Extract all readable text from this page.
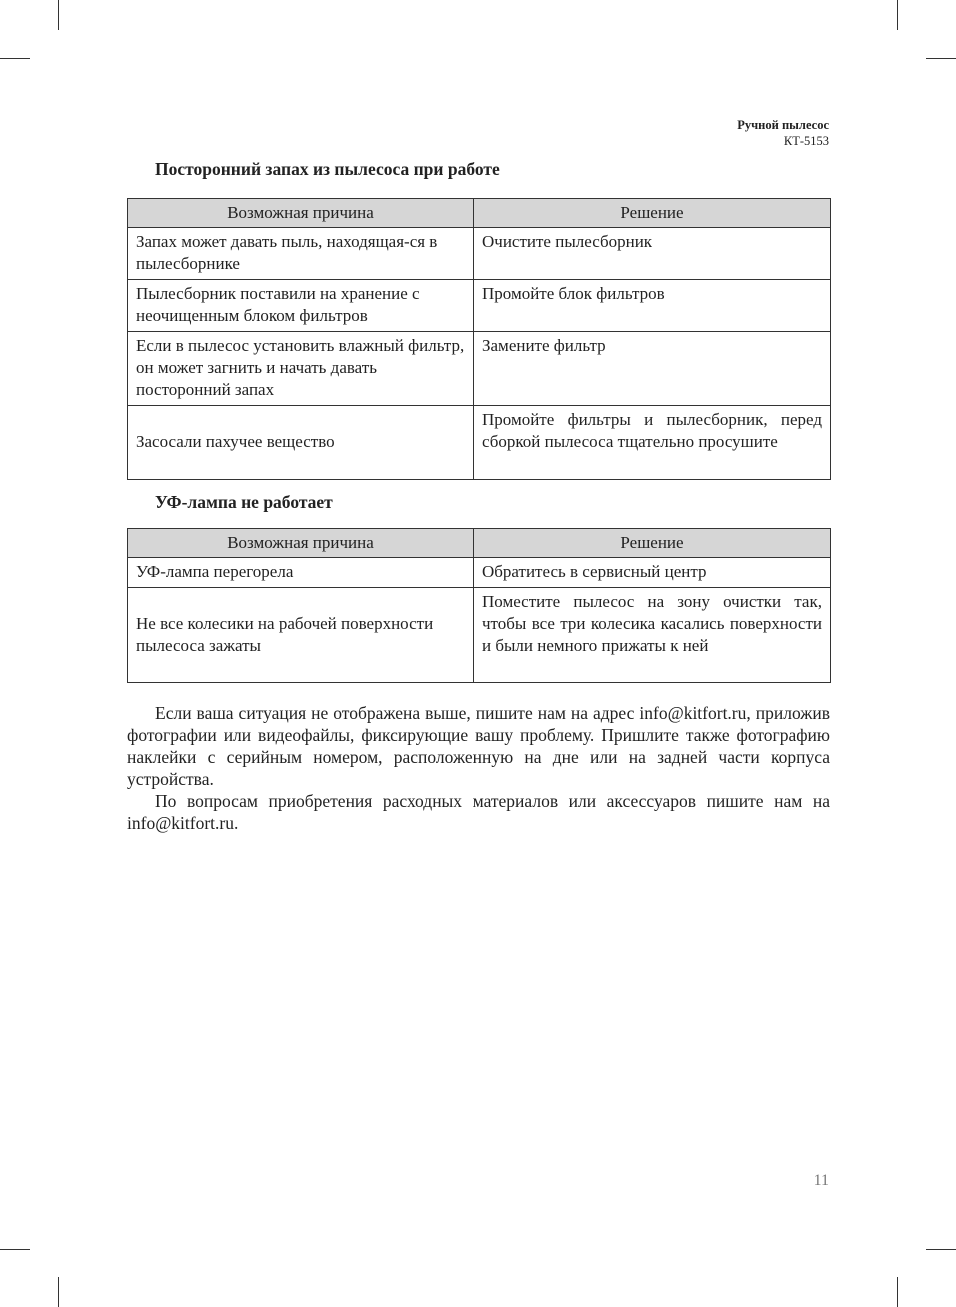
Ручной пылесос
КТ-5153
Посторонний запах из пылесоса при работе
Возможная причина	Решение
Запах может давать пыль, находящая-ся в пылесборнике	Очистите пылесборник
Пылесборник поставили на хранение с неочищенным блоком фильтров	Промойте блок фильтров
Если в пылесос установить влажный фильтр, он может загнить и начать давать посторонний запах	Замените фильтр
Засосали пахучее вещество	Промойте фильтры и пылесборник, перед сборкой пылесоса тщательно просушите
УФ-лампа не работает
Возможная причина	Решение
УФ-лампа перегорела	Обратитесь в сервисный центр
Не все колесики на рабочей поверхности пылесоса зажаты	Поместите пылесос на зону очистки так, чтобы все три колесика касались поверхности и были немного прижаты к ней

Если ваша ситуация не отображена выше, пишите нам на адрес info@kitfort.ru, приложив фотографии или видеофайлы, фиксирующие вашу проблему. Пришлите также фотографию наклейки с серийным номером, расположенную на дне или на задней части корпуса устройства.

По вопросам приобретения расходных материалов или аксессуаров пишите нам на info@kitfort.ru.

11
